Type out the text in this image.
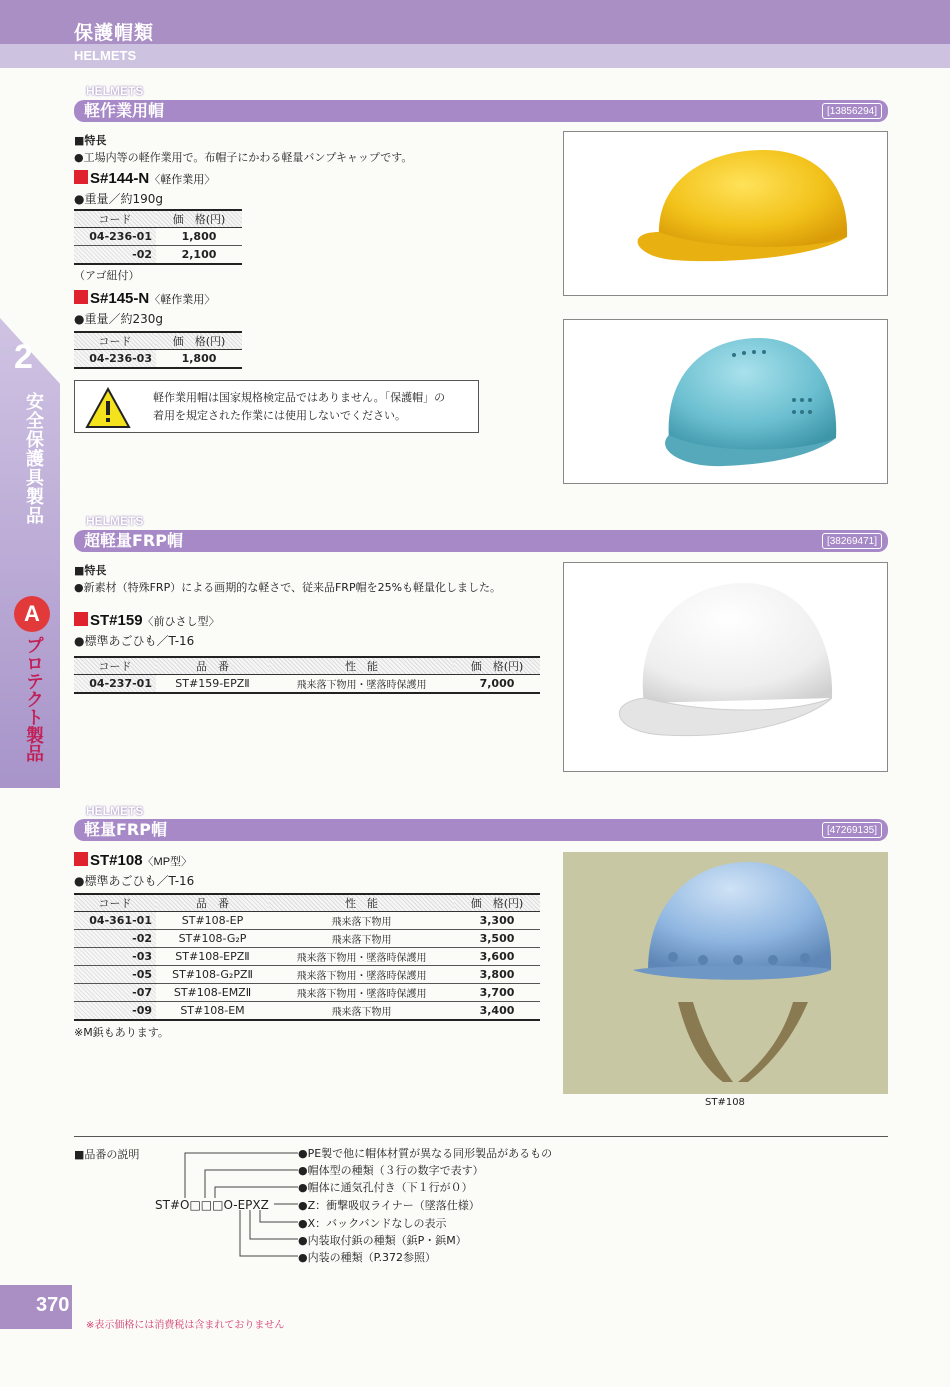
保護帽類
HELMETS
2
安全保護具製品
A
プロテクト製品
HELMETS
軽作業用帽	[13856294]
■特長
●工場内等の軽作業用で。布帽子にかわる軽量バンプキャップです。
S#144-N〈軽作業用〉
●重量／約190g
コード	価　格(円)
04-236-01	1,800
-02	2,100
（アゴ紐付）
S#145-N〈軽作業用〉
●重量／約230g
コード	価　格(円)
04-236-03	1,800
軽作業用帽は国家規格検定品ではありません。「保護帽」の
着用を規定された作業には使用しないでください。
HELMETS
超軽量FRP帽	[38269471]
■特長
●新素材（特殊FRP）による画期的な軽さで、従来品FRP帽を25%も軽量化しました。
ST#159〈前ひさし型〉
●標準あごひも／T-16
コード	品　番	性　能	価　格(円)
04-237-01	ST#159-EPZⅡ	飛来落下物用・墜落時保護用	7,000
HELMETS
軽量FRP帽	[47269135]
ST#108〈MP型〉
●標準あごひも／T-16
コード	品　番	性　能	価　格(円)
04-361-01	ST#108-EP	飛来落下物用	3,300
-02	ST#108-G₂P	飛来落下物用	3,500
-03	ST#108-EPZⅡ	飛来落下物用・墜落時保護用	3,600
-05	ST#108-G₂PZⅡ	飛来落下物用・墜落時保護用	3,800
-07	ST#108-EMZⅡ	飛来落下物用・墜落時保護用	3,700
-09	ST#108-EM	飛来落下物用	3,400
※M鋲もあります。
ST#108
■品番の説明
ST#O□□□O-EPXZ
●PE製で他に帽体材質が異なる同形製品があるもの
●帽体型の種類（３行の数字で表す）
●帽体に通気孔付き（下１行が０）
●Z：衝撃吸収ライナー（墜落仕様）
●X：バックバンドなしの表示
●内装取付鋲の種類（鋲P・鋲M）
●内装の種類（P.372参照）
370
※表示価格には消費税は含まれておりません
